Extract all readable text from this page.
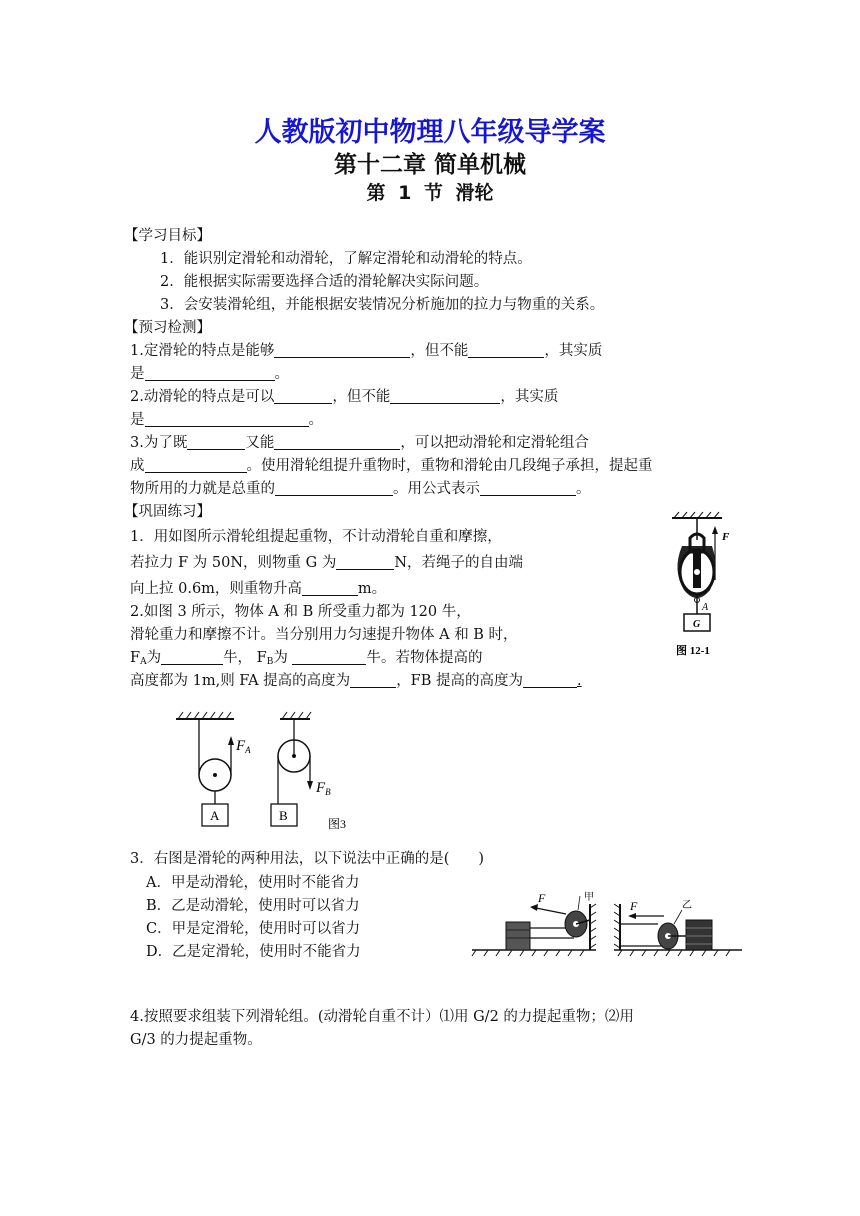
人教版初中物理八年级导学案
第十二章 简单机械
第 1 节 滑轮
【学习目标】
1．能识别定滑轮和动滑轮，了解定滑轮和动滑轮的特点。
2．能根据实际需要选择合适的滑轮解决实际问题。
3．会安装滑轮组，并能根据安装情况分析施加的拉力与物重的关系。
【预习检测】
1.定滑轮的特点是能够	，但不能	，其实质
是	。
2.动滑轮的特点是可以	，但不能	，其实质
是	。
3.为了既	又能	，可以把动滑轮和定滑轮组合
成	。使用滑轮组提升重物时，重物和滑轮由几段绳子承担，提起重
物所用的力就是总重的	。用公式表示	。
【巩固练习】
1．用如图所示滑轮组提起重物，不计动滑轮自重和摩擦，
若拉力 F 为 50N，则物重 G 为	N，若绳子的自由端
向上拉 0.6m，则重物升高	m。
2.如图 3 所示，物体 A 和 B 所受重力都为 120 牛，
滑轮重力和摩擦不计。当分别用力匀速提升物体 A 和 B 时，
$F_A$为	牛， $F_B$为	牛。若物体提高的
高度都为 1m,则 FA 提高的高度为	，FB 提高的高度为	.
F
A
G
图 12-1
$F_A$
A
$F_B$
B
图3
3．右图是滑轮的两种用法，以下说法中正确的是(　　)
A．甲是动滑轮，使用时不能省力
B．乙是动滑轮，使用时可以省力
C．甲是定滑轮，使用时可以省力
D．乙是定滑轮，使用时不能省力
F	甲
F	乙
4.按照要求组装下列滑轮组。(动滑轮自重不计）⑴用 G/2 的力提起重物；⑵用
G/3 的力提起重物。
